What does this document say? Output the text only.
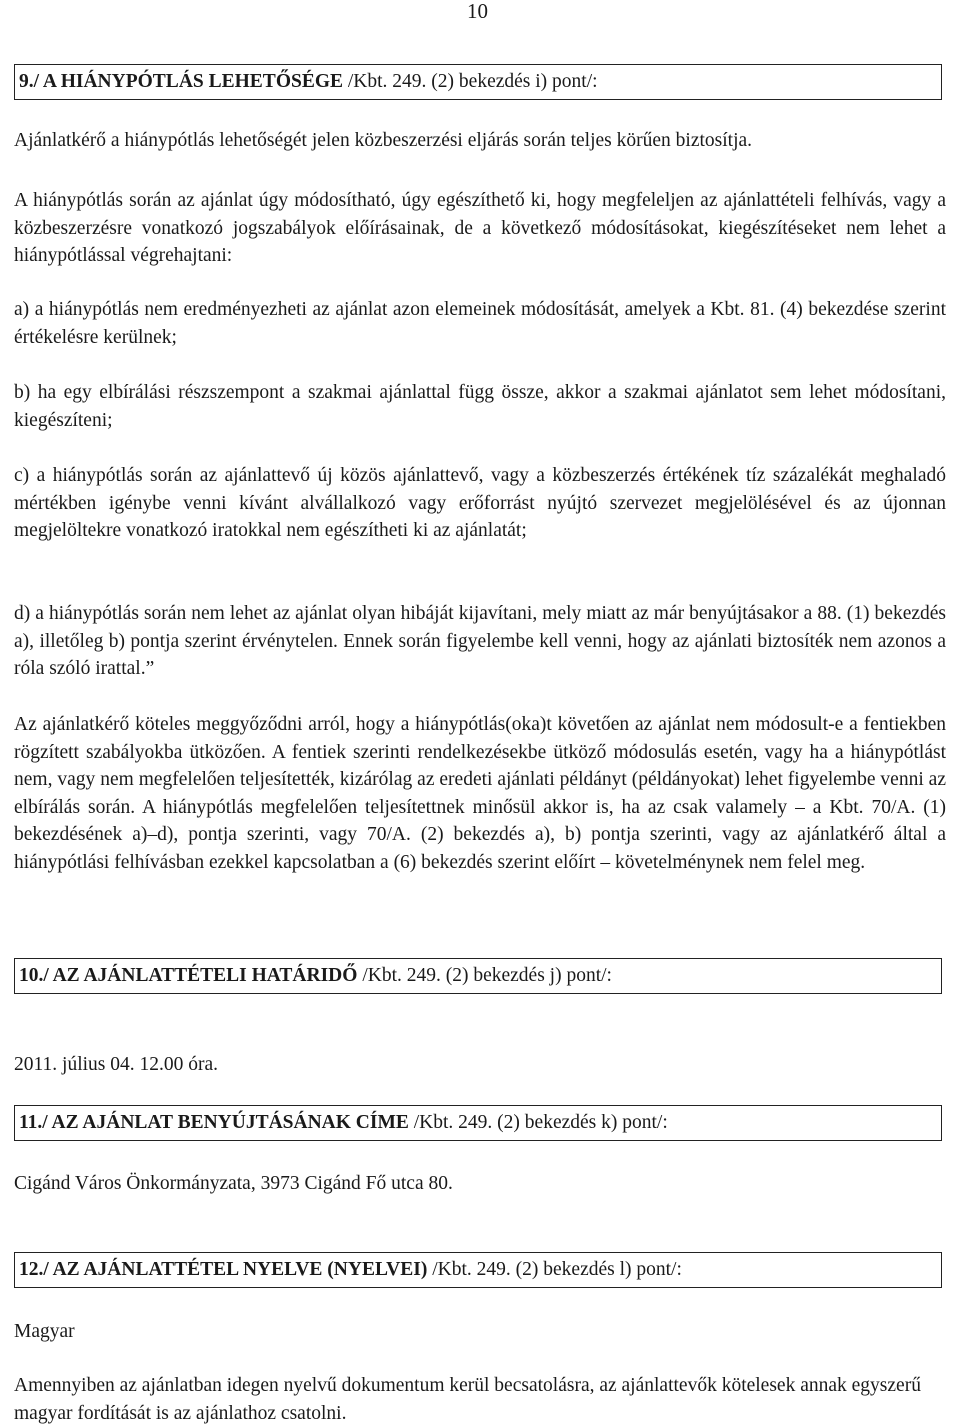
10
9./ A HIÁNYPÓTLÁS LEHETŐSÉGE /Kbt. 249. (2) bekezdés i) pont/:

Ajánlatkérő a hiánypótlás lehetőségét jelen közbeszerzési eljárás során teljes körűen biztosítja.

A hiánypótlás során az ajánlat úgy módosítható, úgy egészíthető ki, hogy megfeleljen az ajánlattételi felhívás, vagy a közbeszerzésre vonatkozó jogszabályok előírásainak, de a következő módosításokat, kiegészítéseket nem lehet a hiánypótlással végrehajtani:

a) a hiánypótlás nem eredményezheti az ajánlat azon elemeinek módosítását, amelyek a Kbt. 81. (4) bekezdése szerint értékelésre kerülnek;

b) ha egy elbírálási részszempont a szakmai ajánlattal függ össze, akkor a szakmai ajánlatot sem lehet módosítani, kiegészíteni;

c) a hiánypótlás során az ajánlattevő új közös ajánlattevő, vagy a közbeszerzés értékének tíz százalékát meghaladó mértékben igénybe venni kívánt alvállalkozó vagy erőforrást nyújtó szervezet megjelölésével és az újonnan megjelöltekre vonatkozó iratokkal nem egészítheti ki az ajánlatát;

d) a hiánypótlás során nem lehet az ajánlat olyan hibáját kijavítani, mely miatt az már benyújtásakor a 88. (1) bekezdés a), illetőleg b) pontja szerint érvénytelen. Ennek során figyelembe kell venni, hogy az ajánlati biztosíték nem azonos a róla szóló irattal.”

Az ajánlatkérő köteles meggyőződni arról, hogy a hiánypótlás(oka)t követően az ajánlat nem módosult-e a fentiekben rögzített szabályokba ütközően. A fentiek szerinti rendelkezésekbe ütköző módosulás esetén, vagy ha a hiánypótlást nem, vagy nem megfelelően teljesítették, kizárólag az eredeti ajánlati példányt (példányokat) lehet figyelembe venni az elbírálás során. A hiánypótlás megfelelően teljesítettnek minősül akkor is, ha az csak valamely – a Kbt. 70/A. (1) bekezdésének a)–d), pontja szerinti, vagy 70/A. (2) bekezdés a), b) pontja szerinti, vagy az ajánlatkérő által a hiánypótlási felhívásban ezekkel kapcsolatban a (6) bekezdés szerint előírt – követelménynek nem felel meg.

10./ AZ AJÁNLATTÉTELI HATÁRIDŐ /Kbt. 249. (2) bekezdés j) pont/:
2011. július 04. 12.00 óra.
11./ AZ AJÁNLAT BENYÚJTÁSÁNAK CÍME /Kbt. 249. (2) bekezdés k) pont/:
Cigánd Város Önkormányzata, 3973 Cigánd Fő utca 80.
12./ AZ AJÁNLATTÉTEL NYELVE (NYELVEI) /Kbt. 249. (2) bekezdés l) pont/:
Magyar

Amennyiben az ajánlatban idegen nyelvű dokumentum kerül becsatolásra, az ajánlattevők kötelesek annak egyszerű magyar fordítását is az ajánlathoz csatolni.
